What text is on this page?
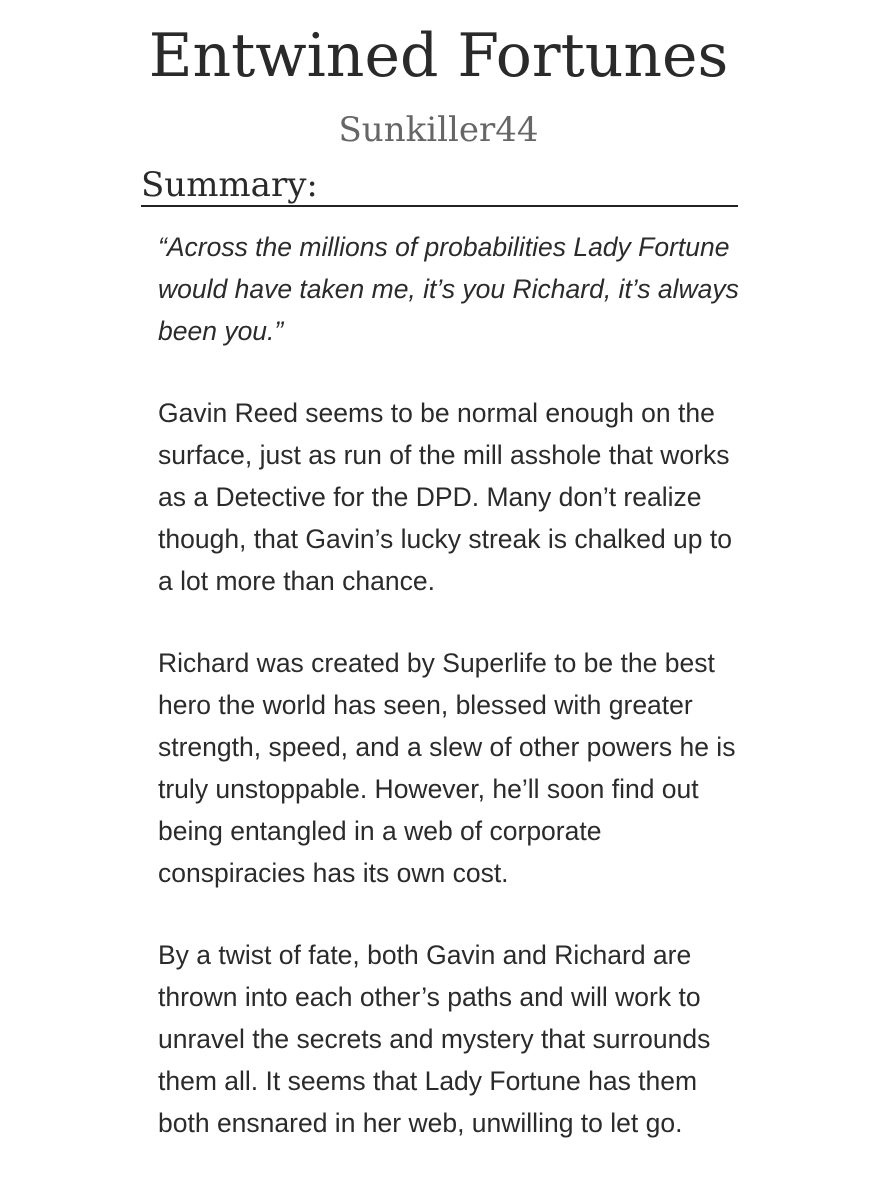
Entwined Fortunes
Sunkiller44
Summary:

“Across the millions of probabilities Lady Fortune would have taken me, it’s you Richard, it’s always been you.”

Gavin Reed seems to be normal enough on the surface, just as run of the mill asshole that works as a Detective for the DPD. Many don’t realize though, that Gavin’s lucky streak is chalked up to a lot more than chance.

Richard was created by Superlife to be the best hero the world has seen, blessed with greater strength, speed, and a slew of other powers he is truly unstoppable. However, he’ll soon find out being entangled in a web of corporate conspiracies has its own cost.

By a twist of fate, both Gavin and Richard are thrown into each other’s paths and will work to unravel the secrets and mystery that surrounds them all. It seems that Lady Fortune has them both ensnared in her web, unwilling to let go.
